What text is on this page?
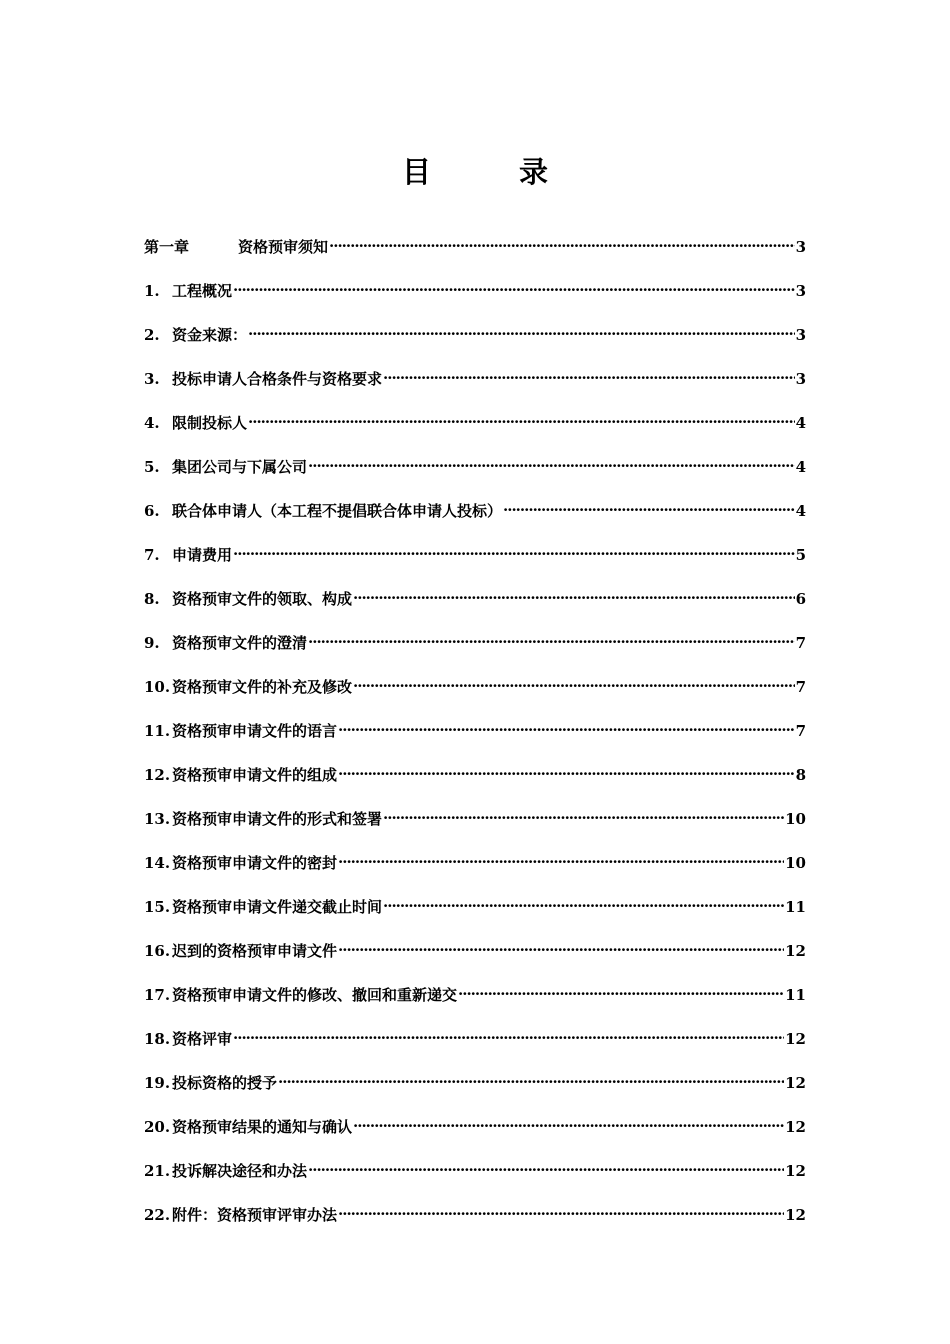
目	录
第一章	资格预审须知 ·····	3
1. 工程概况 ·····	3
2. 资金来源： ·····	3
3. 投标申请人合格条件与资格要求 ·····	3
4. 限制投标人 ·····	4
5. 集团公司与下属公司 ·····	4
6. 联合体申请人（本工程不提倡联合体申请人投标） ·····	4
7. 申请费用 ·····	5
8. 资格预审文件的领取、构成 ·····	6
9. 资格预审文件的澄清 ·····	7
10. 资格预审文件的补充及修改 ·····	7
11. 资格预审申请文件的语言 ·····	7
12. 资格预审申请文件的组成 ·····	8
13. 资格预审申请文件的形式和签署 ·····	10
14. 资格预审申请文件的密封 ·····	10
15. 资格预审申请文件递交截止时间 ·····	11
16. 迟到的资格预审申请文件 ·····	12
17. 资格预审申请文件的修改、撤回和重新递交 ·····	11
18. 资格评审 ·····	12
19. 投标资格的授予 ·····	12
20. 资格预审结果的通知与确认 ·····	12
21. 投诉解决途径和办法 ·····	12
22. 附件：资格预审评审办法 ·····	12
